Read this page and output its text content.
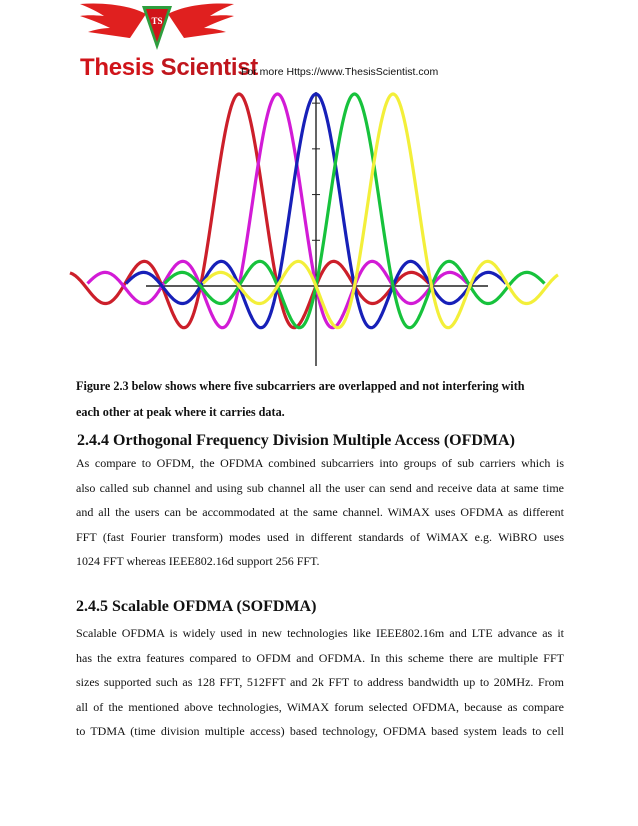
TS
Thesis Scientist
For more Https://www.ThesisScientist.com
Figure 2.3 below shows where five subcarriers are overlapped and not interfering with
each other at peak where it carries data.
2.4.4 Orthogonal Frequency Division Multiple Access (OFDMA)
As compare to OFDM, the OFDMA combined subcarriers into groups of sub carriers which is
also called sub channel and using sub channel all the user can send and receive data at same time
and all the users can be accommodated at the same channel. WiMAX uses OFDMA as different
FFT (fast Fourier transform) modes used in different standards of WiMAX e.g. WiBRO uses
1024 FFT whereas IEEE802.16d support 256 FFT.
2.4.5 Scalable OFDMA (SOFDMA)
Scalable OFDMA is widely used in new technologies like IEEE802.16m and LTE advance as it
has the extra features compared to OFDM and OFDMA. In this scheme there are multiple FFT
sizes supported such as 128 FFT, 512FFT and 2k FFT to address bandwidth up to 20MHz. From
all of the mentioned above technologies, WiMAX forum selected OFDMA, because as compare
to TDMA (time division multiple access) based technology, OFDMA based system leads to cell
